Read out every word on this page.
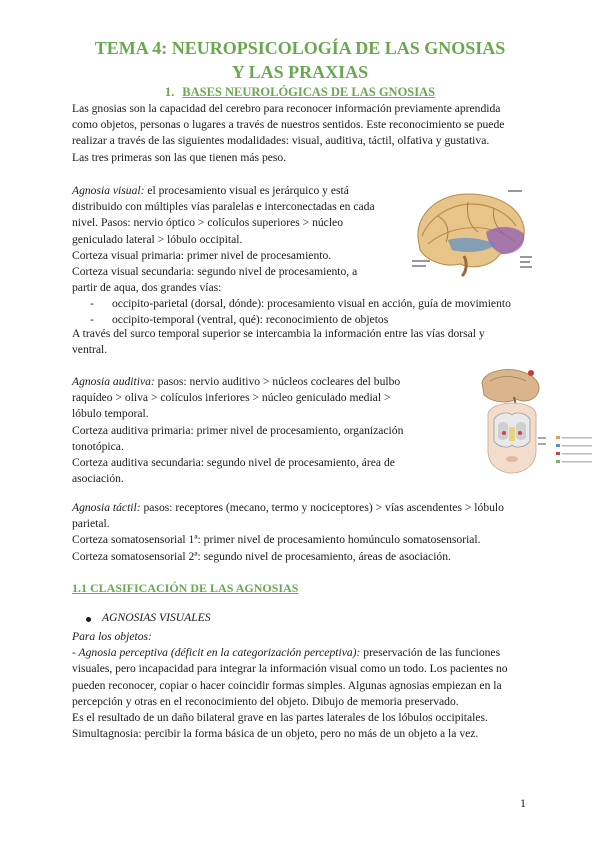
TEMA 4: NEUROPSICOLOGÍA DE LAS GNOSIAS
Y LAS PRAXIAS
1. BASES NEUROLÓGICAS DE LAS GNOSIAS
Las gnosias son la capacidad del cerebro para reconocer información previamente aprendida
como objetos, personas o lugares a través de nuestros sentidos. Este reconocimiento se puede
realizar a través de las siguientes modalidades: visual, auditiva, táctil, olfativa y gustativa.
Las tres primeras son las que tienen más peso.
Agnosia visual: el procesamiento visual es jerárquico y está
distribuido con múltiples vías paralelas e interconectadas en cada
nivel. Pasos: nervio óptico > colículos superiores > núcleo
geniculado lateral > lóbulo occipital.
Corteza visual primaria: primer nivel de procesamiento.
Corteza visual secundaria: segundo nivel de procesamiento, a
partir de aqua, dos grandes vías:
- occipito-parietal (dorsal, dónde): procesamiento visual en acción, guía de movimiento
- occipito-temporal (ventral, qué): reconocimiento de objetos
A través del surco temporal superior se intercambia la información entre las vías dorsal y
ventral.
Agnosia auditiva: pasos: nervio auditivo > núcleos cocleares del bulbo
raquídeo > oliva > colículos inferiores > núcleo geniculado medial >
lóbulo temporal.
Corteza auditiva primaria: primer nivel de procesamiento, organización
tonotópica.
Corteza auditiva secundaria: segundo nivel de procesamiento, área de
asociación.
Agnosia táctil: pasos: receptores (mecano, termo y nociceptores) > vías ascendentes > lóbulo
parietal.
Corteza somatosensorial 1ª: primer nivel de procesamiento homúnculo somatosensorial.
Corteza somatosensorial 2ª: segundo nivel de procesamiento, áreas de asociación.
1.1 CLASIFICACIÓN DE LAS AGNOSIAS
AGNOSIAS VISUALES
Para los objetos:
- Agnosia perceptiva (déficit en la categorización perceptiva): preservación de las funciones
visuales, pero incapacidad para integrar la información visual como un todo. Los pacientes no
pueden reconocer, copiar o hacer coincidir formas simples. Algunas agnosias empiezan en la
percepción y otras en el reconocimiento del objeto. Dibujo de memoria preservado.
Es el resultado de un daño bilateral grave en las partes laterales de los lóbulos occipitales.
Simultagnosia: percibir la forma básica de un objeto, pero no más de un objeto a la vez.
1
